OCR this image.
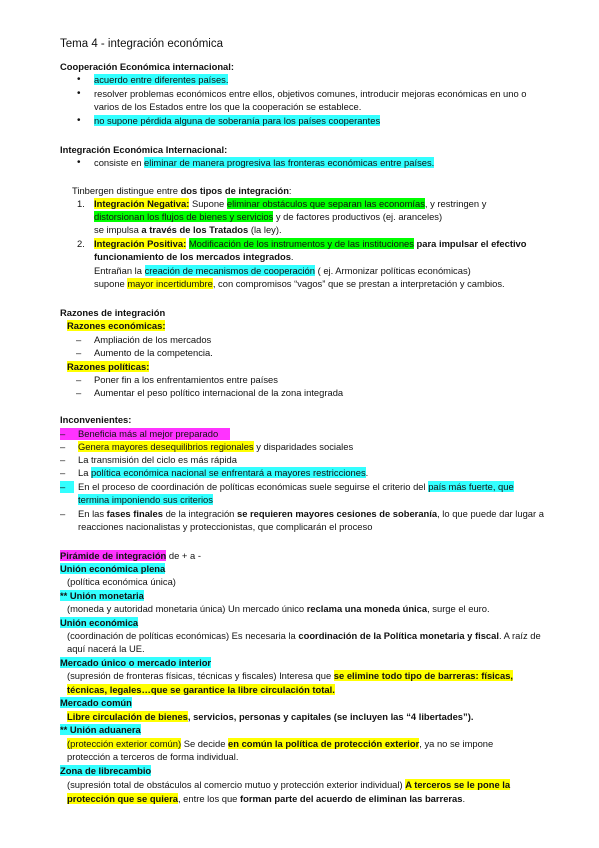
Tema 4 - integración económica
Cooperación Económica internacional:
• acuerdo entre diferentes países.
• resolver problemas económicos entre ellos, objetivos comunes, introducir mejoras económicas en uno o
varios de los Estados entre los que la cooperación se establece.
• no supone pérdida alguna de soberanía para los países cooperantes
Integración Económica Internacional:
• consiste en eliminar de manera progresiva las fronteras económicas entre países.
Tinbergen distingue entre dos tipos de integración:
1. Integración Negativa: Supone eliminar obstáculos que separan las economías, y restringen y
distorsionan los flujos de bienes y servicios y de factores productivos (ej. aranceles)
se impulsa a través de los Tratados (la ley).
2. Integración Positiva: Modificación de los instrumentos y de las instituciones para impulsar el efectivo
funcionamiento de los mercados integrados.
Entrañan la creación de mecanismos de cooperación ( ej. Armonizar políticas económicas)
supone mayor incertidumbre, con compromisos “vagos” que se prestan a interpretación y cambios.
Razones de integración
Razones económicas:
– Ampliación de los mercados
– Aumento de la competencia.
Razones políticas:
– Poner fin a los enfrentamientos entre países
– Aumentar el peso político internacional de la zona integrada
Inconvenientes:
– Beneficia más al mejor preparado
– Genera mayores desequilibrios regionales y disparidades sociales
– La transmisión del ciclo es más rápida
– La política económica nacional se enfrentará a mayores restricciones.
– En el proceso de coordinación de políticas económicas suele seguirse el criterio del país más fuerte, que
termina imponiendo sus criterios
– En las fases finales de la integración se requieren mayores cesiones de soberanía, lo que puede dar lugar a
reacciones nacionalistas y proteccionistas, que complicarán el proceso
Pirámide de integración de + a -
Unión económica plena
(política económica única)
** Unión monetaria
(moneda y autoridad monetaria única) Un mercado único reclama una moneda única, surge el euro.
Unión económica
(coordinación de políticas económicas) Es necesaria la coordinación de la Política monetaria y fiscal. A raíz de
aquí nacerá la UE.
Mercado único o mercado interior
(supresión de fronteras físicas, técnicas y fiscales) Interesa que se elimine todo tipo de barreras: físicas,
técnicas, legales…que se garantice la libre circulación total.
Mercado común
Libre circulación de bienes, servicios, personas y capitales (se incluyen las “4 libertades”).
** Unión aduanera
(protección exterior común) Se decide en común la política de protección exterior, ya no se impone
protección a terceros de forma individual.
Zona de librecambio
(supresión total de obstáculos al comercio mutuo y protección exterior individual) A terceros se le pone la
protección que se quiera, entre los que forman parte del acuerdo de eliminan las barreras.
